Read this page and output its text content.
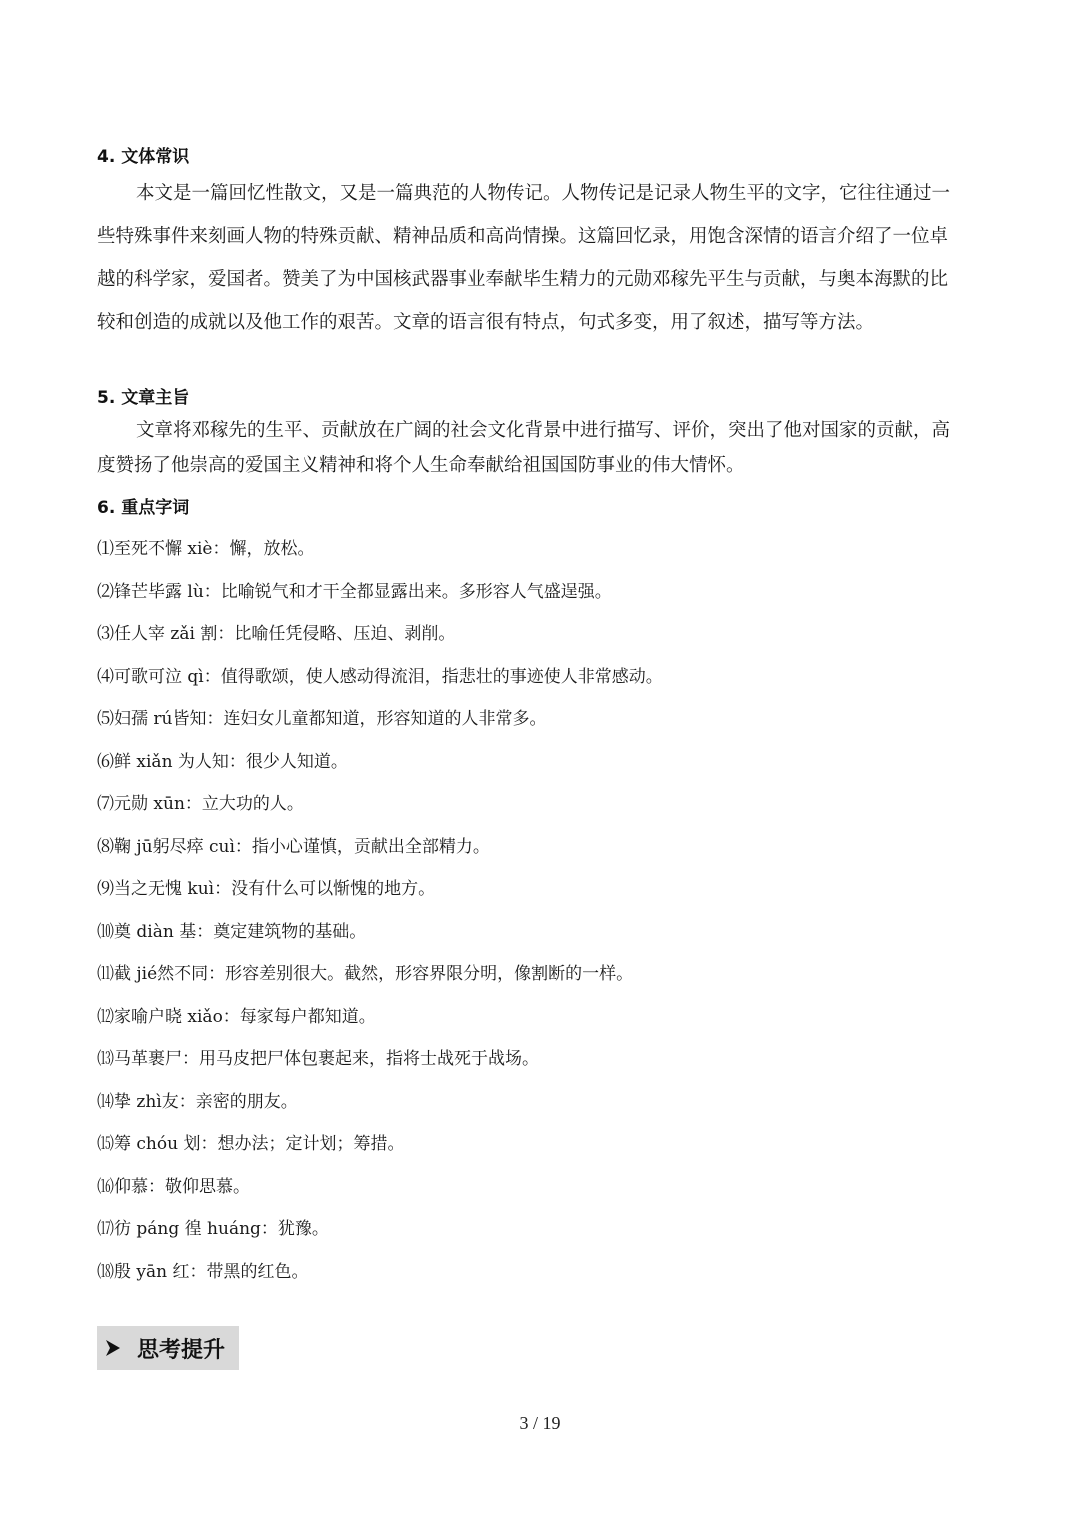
4. 文体常识
本文是一篇回忆性散文，又是一篇典范的人物传记。人物传记是记录人物生平的文字，它往往通过一
些特殊事件来刻画人物的特殊贡献、精神品质和高尚情操。这篇回忆录，用饱含深情的语言介绍了一位卓
越的科学家，爱国者。赞美了为中国核武器事业奉献毕生精力的元勋邓稼先平生与贡献，与奥本海默的比
较和创造的成就以及他工作的艰苦。文章的语言很有特点，句式多变，用了叙述，描写等方法。
5. 文章主旨
文章将邓稼先的生平、贡献放在广阔的社会文化背景中进行描写、评价，突出了他对国家的贡献，高
度赞扬了他崇高的爱国主义精神和将个人生命奉献给祖国国防事业的伟大情怀。
6. 重点字词
⑴至死不懈 xiè：懈，放松。
⑵锋芒毕露 lù：比喻锐气和才干全都显露出来。多形容人气盛逞强。
⑶任人宰 zǎi 割：比喻任凭侵略、压迫、剥削。
⑷可歌可泣 qì：值得歌颂，使人感动得流泪，指悲壮的事迹使人非常感动。
⑸妇孺 rú皆知：连妇女儿童都知道，形容知道的人非常多。
⑹鲜 xiǎn 为人知：很少人知道。
⑺元勋 xūn：立大功的人。
⑻鞠 jū躬尽瘁 cuì：指小心谨慎，贡献出全部精力。
⑼当之无愧 kuì：没有什么可以惭愧的地方。
⑽奠 diàn 基：奠定建筑物的基础。
⑾截 jié然不同：形容差别很大。截然，形容界限分明，像割断的一样。
⑿家喻户晓 xiǎo：每家每户都知道。
⒀马革裹尸：用马皮把尸体包裹起来，指将士战死于战场。
⒁挚 zhì友：亲密的朋友。
⒂筹 chóu 划：想办法；定计划；筹措。
⒃仰慕：敬仰思慕。
⒄彷 páng 徨 huáng：犹豫。
⒅殷 yān 红：带黑的红色。
思考提升
3 / 19
